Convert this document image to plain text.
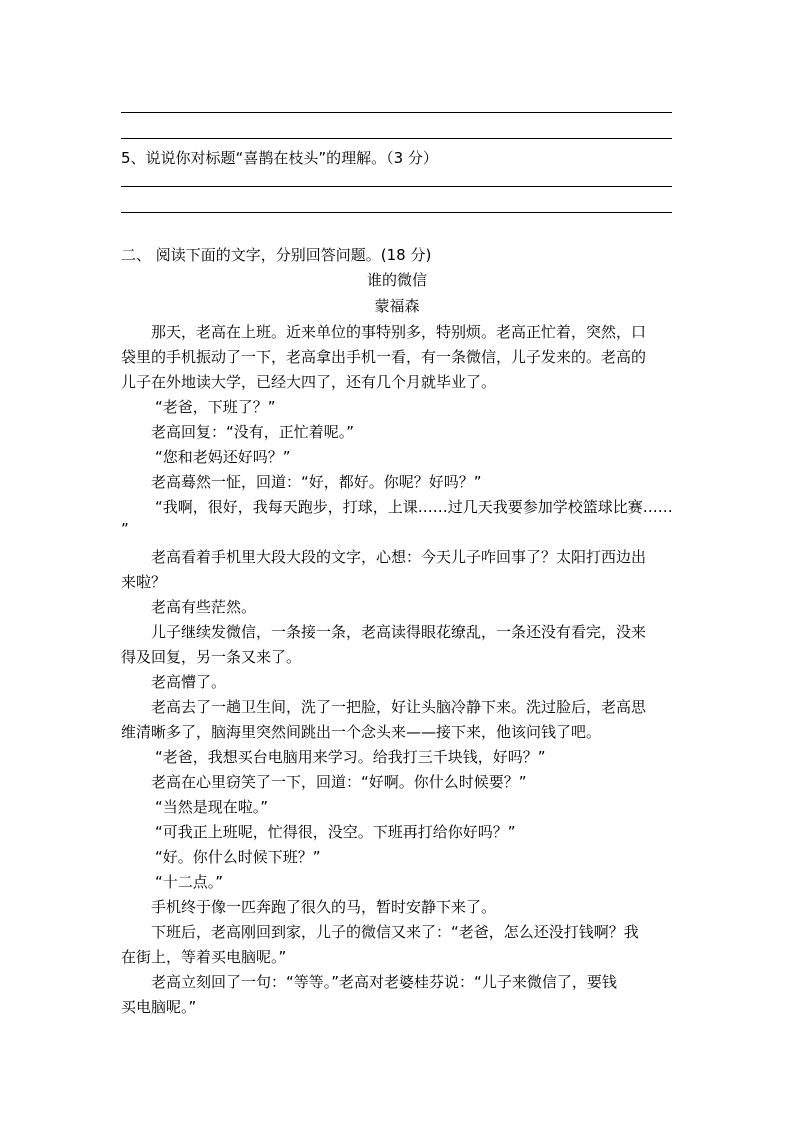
5、说说你对标题“喜鹊在枝头”的理解。（3 分）
二、 阅读下面的文字，分别回答问题。(18 分)
谁的微信
蒙福森
那天，老高在上班。近来单位的事特别多，特别烦。老高正忙着，突然，口
袋里的手机振动了一下，老高拿出手机一看，有一条微信，儿子发来的。老高的
儿子在外地读大学，已经大四了，还有几个月就毕业了。
“老爸，下班了？”
老高回复：“没有，正忙着呢。”
“您和老妈还好吗？”
老高蓦然一怔，回道：“好，都好。你呢？好吗？”
“我啊，很好，我每天跑步，打球，上课……过几天我要参加学校篮球比赛……
”
老高看着手机里大段大段的文字，心想：今天儿子咋回事了？太阳打西边出
来啦？
老高有些茫然。
儿子继续发微信，一条接一条，老高读得眼花缭乱，一条还没有看完，没来
得及回复，另一条又来了。
老高懵了。
老高去了一趟卫生间，洗了一把脸，好让头脑冷静下来。洗过脸后，老高思
维清晰多了，脑海里突然间跳出一个念头来——接下来，他该问钱了吧。
“老爸，我想买台电脑用来学习。给我打三千块钱，好吗？”
老高在心里窃笑了一下，回道：“好啊。你什么时候要？”
“当然是现在啦。”
“可我正上班呢，忙得很，没空。下班再打给你好吗？”
“好。你什么时候下班？”
“十二点。”
手机终于像一匹奔跑了很久的马，暂时安静下来了。
下班后，老高刚回到家，儿子的微信又来了：“老爸，怎么还没打钱啊？我
在街上，等着买电脑呢。”
老高立刻回了一句：“等等。”老高对老婆桂芬说：“儿子来微信了，要钱
买电脑呢。”
